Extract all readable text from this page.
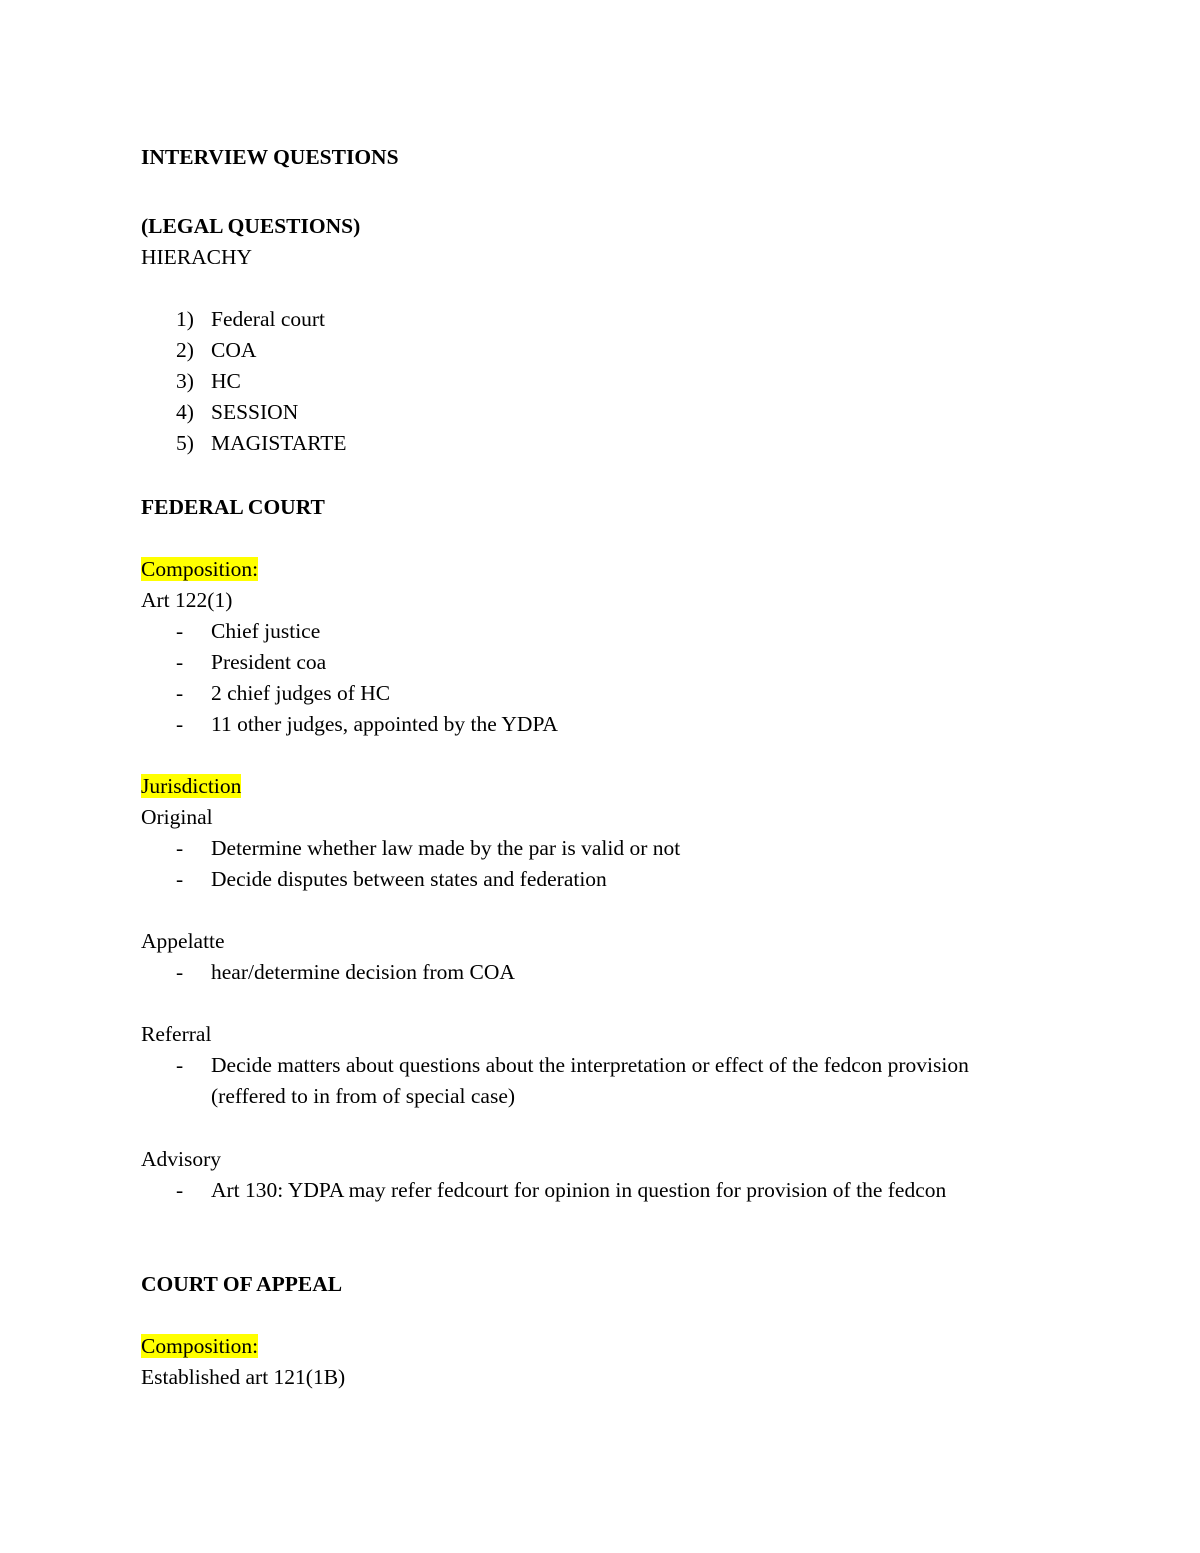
INTERVIEW QUESTIONS
(LEGAL QUESTIONS)
HIERACHY
1) Federal court
2) COA
3) HC
4) SESSION
5) MAGISTARTE
FEDERAL COURT
Composition:
Art 122(1)
- Chief justice
- President coa
- 2 chief judges of HC
- 11 other judges, appointed by the YDPA
Jurisdiction
Original
- Determine whether law made by the par is valid or not
- Decide disputes between states and federation
Appelatte
- hear/determine decision from COA
Referral
- Decide matters about questions about the interpretation or effect of the fedcon provision
(reffered to in from of special case)
Advisory
- Art 130: YDPA may refer fedcourt for opinion in question for provision of the fedcon
COURT OF APPEAL
Composition:
Established art 121(1B)
